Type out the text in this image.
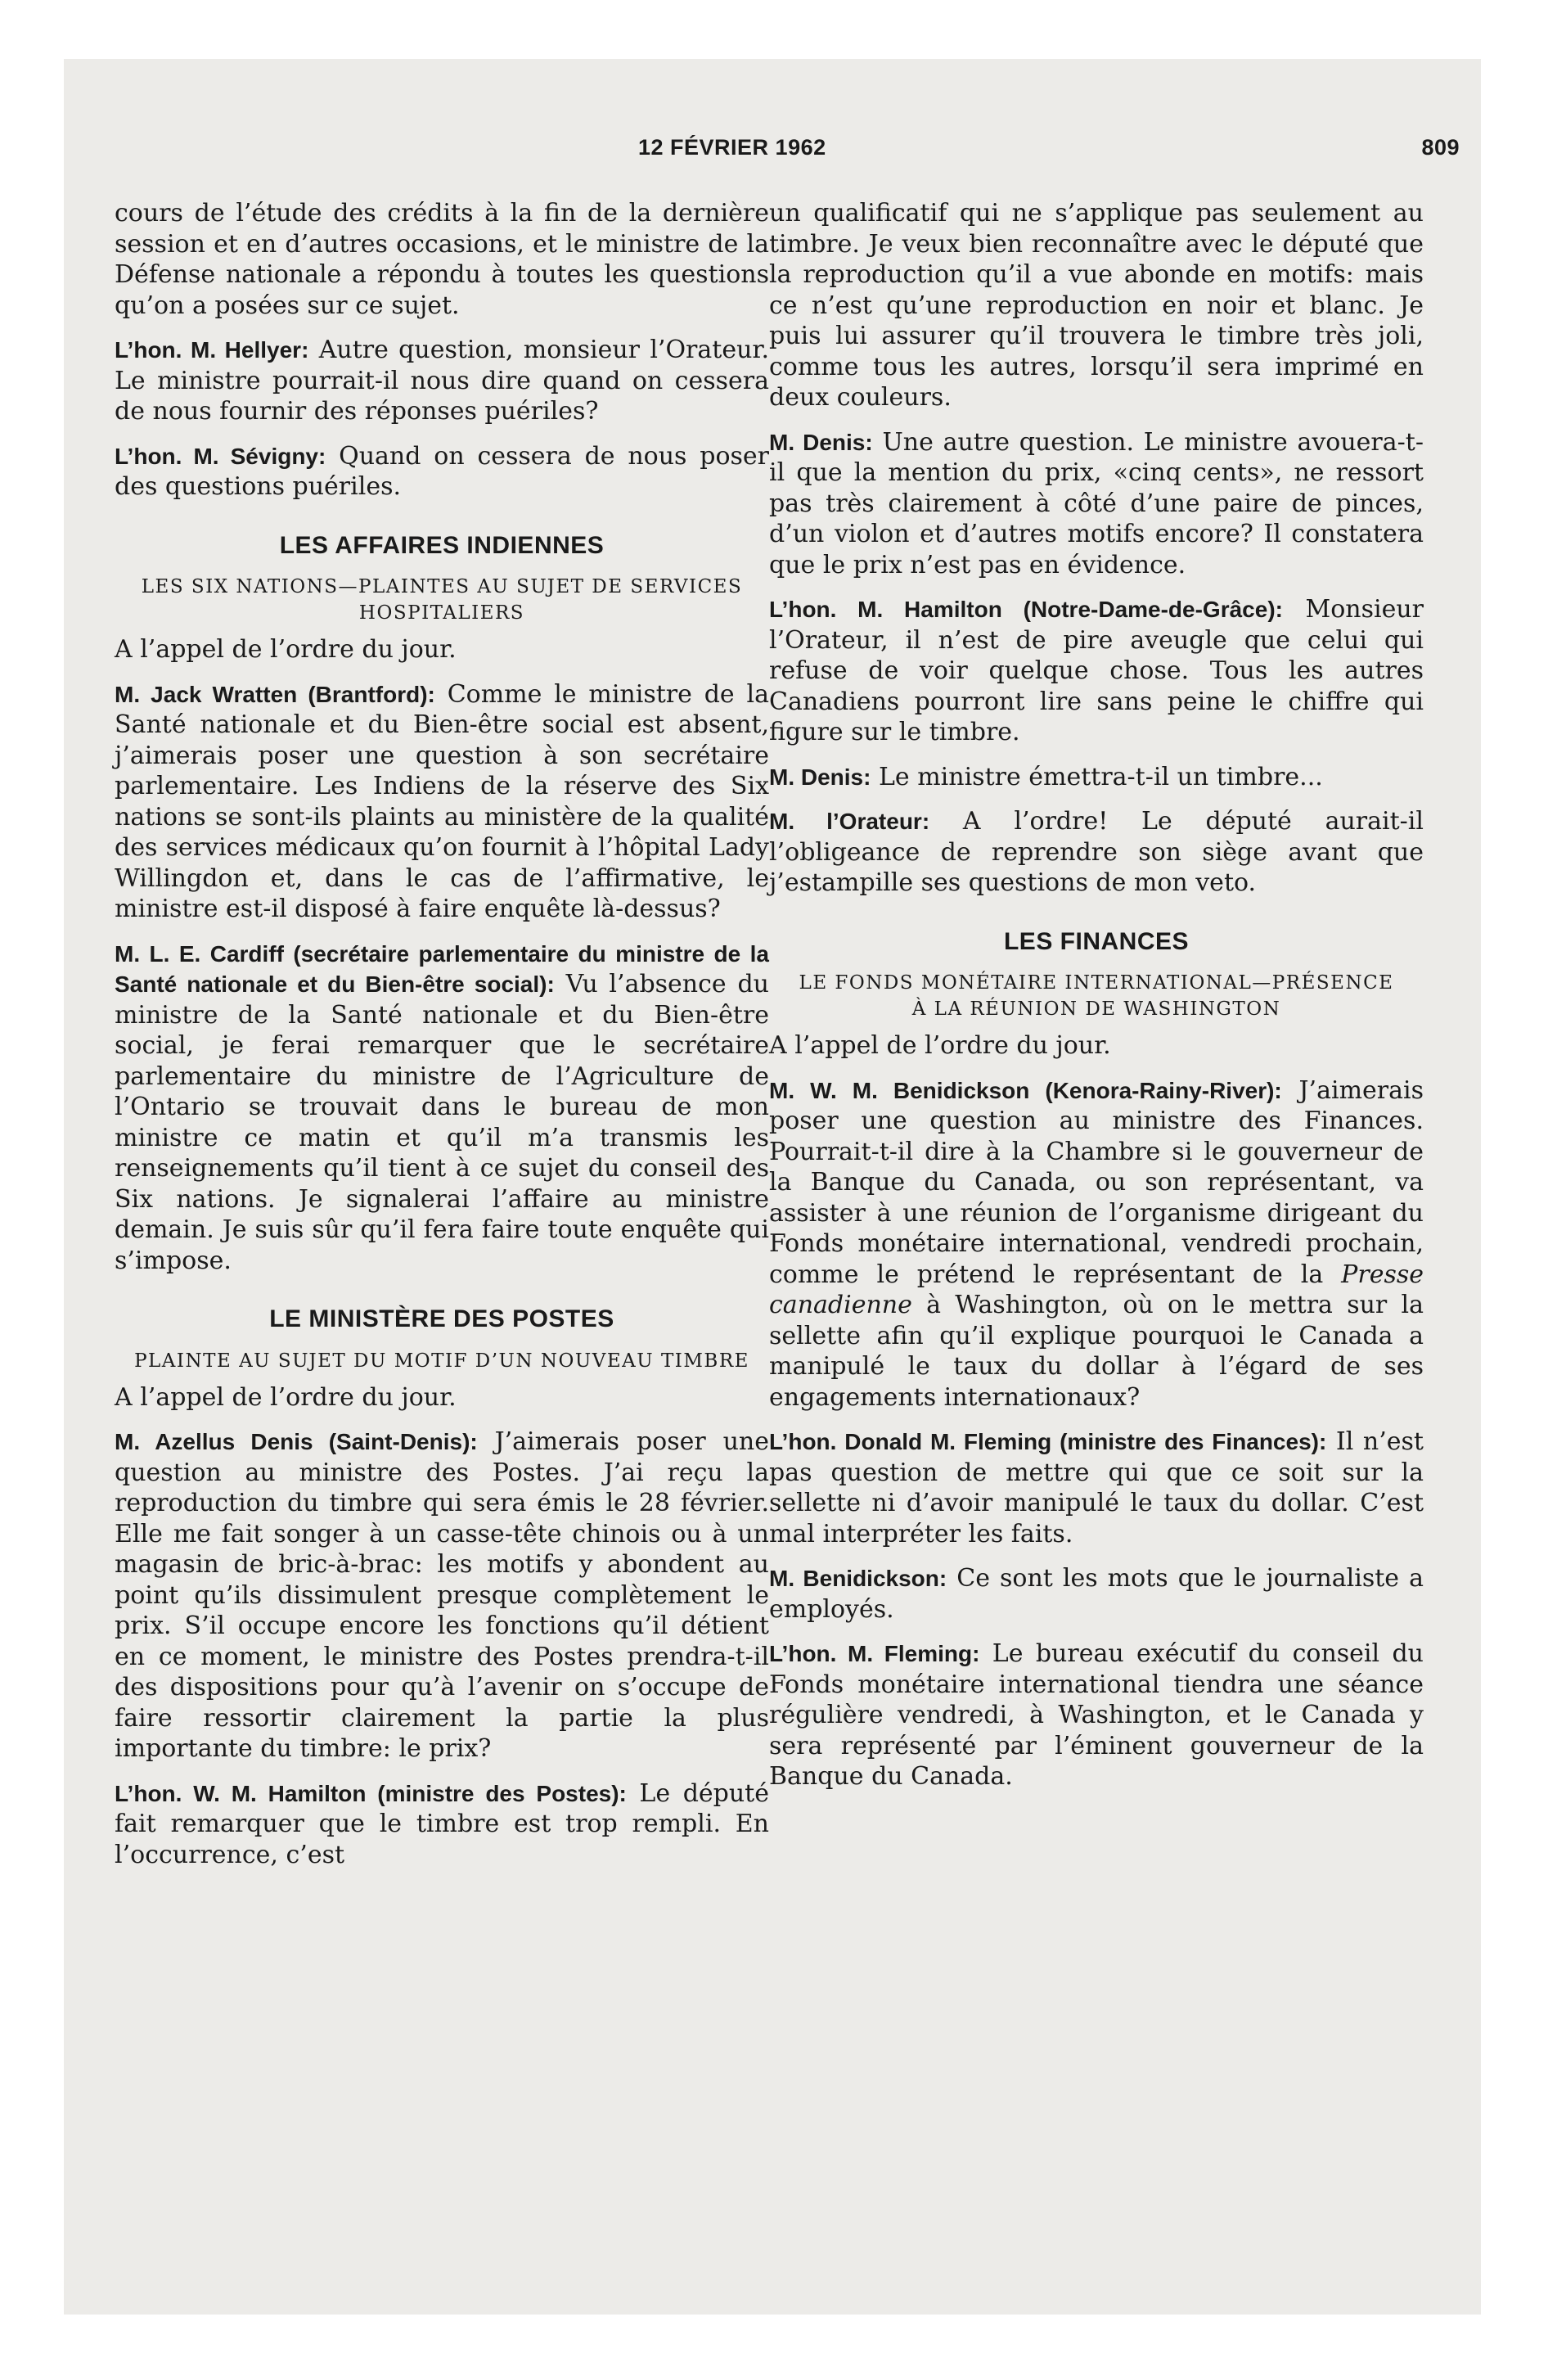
12 FÉVRIER 1962	809

cours de l’étude des crédits à la fin de la dernière session et en d’autres occasions, et le ministre de la Défense nationale a répondu à toutes les questions qu’on a posées sur ce sujet.

L’hon. M. Hellyer: Autre question, monsieur l’Orateur. Le ministre pourrait-il nous dire quand on cessera de nous fournir des réponses puériles?

L’hon. M. Sévigny: Quand on cessera de nous poser des questions puériles.

LES AFFAIRES INDIENNES
LES SIX NATIONS—PLAINTES AU SUJET DE SERVICES HOSPITALIERS

A l’appel de l’ordre du jour.

M. Jack Wratten (Brantford): Comme le ministre de la Santé nationale et du Bien-être social est absent, j’aimerais poser une question à son secrétaire parlementaire. Les Indiens de la réserve des Six nations se sont-ils plaints au ministère de la qualité des services médicaux qu’on fournit à l’hôpital Lady Willingdon et, dans le cas de l’affirmative, le ministre est-il disposé à faire enquête là-dessus?

M. L. E. Cardiff (secrétaire parlementaire du ministre de la Santé nationale et du Bien-être social): Vu l’absence du ministre de la Santé nationale et du Bien-être social, je ferai remarquer que le secrétaire parlementaire du ministre de l’Agriculture de l’Ontario se trouvait dans le bureau de mon ministre ce matin et qu’il m’a transmis les renseignements qu’il tient à ce sujet du conseil des Six nations. Je signalerai l’affaire au ministre demain. Je suis sûr qu’il fera faire toute enquête qui s’impose.

LE MINISTÈRE DES POSTES
PLAINTE AU SUJET DU MOTIF D’UN NOUVEAU TIMBRE

A l’appel de l’ordre du jour.

M. Azellus Denis (Saint-Denis): J’aimerais poser une question au ministre des Postes. J’ai reçu la reproduction du timbre qui sera émis le 28 février. Elle me fait songer à un casse-tête chinois ou à un magasin de bric-à-brac: les motifs y abondent au point qu’ils dissimulent presque complètement le prix. S’il occupe encore les fonctions qu’il détient en ce moment, le ministre des Postes prendra-t-il des dispositions pour qu’à l’avenir on s’occupe de faire ressortir clairement la partie la plus importante du timbre: le prix?

L’hon. W. M. Hamilton (ministre des Postes): Le député fait remarquer que le timbre est trop rempli. En l’occurrence, c’est

un qualificatif qui ne s’applique pas seulement au timbre. Je veux bien reconnaître avec le député que la reproduction qu’il a vue abonde en motifs: mais ce n’est qu’une reproduction en noir et blanc. Je puis lui assurer qu’il trouvera le timbre très joli, comme tous les autres, lorsqu’il sera imprimé en deux couleurs.

M. Denis: Une autre question. Le ministre avouera-t-il que la mention du prix, «cinq cents», ne ressort pas très clairement à côté d’une paire de pinces, d’un violon et d’autres motifs encore? Il constatera que le prix n’est pas en évidence.

L’hon. M. Hamilton (Notre-Dame-de-Grâce): Monsieur l’Orateur, il n’est de pire aveugle que celui qui refuse de voir quelque chose. Tous les autres Canadiens pourront lire sans peine le chiffre qui figure sur le timbre.

M. Denis: Le ministre émettra-t-il un timbre...

M. l’Orateur: A l’ordre! Le député aurait-il l’obligeance de reprendre son siège avant que j’estampille ses questions de mon veto.

LES FINANCES
LE FONDS MONÉTAIRE INTERNATIONAL—PRÉSENCE À LA RÉUNION DE WASHINGTON

A l’appel de l’ordre du jour.

M. W. M. Benidickson (Kenora-Rainy-River): J’aimerais poser une question au ministre des Finances. Pourrait-t-il dire à la Chambre si le gouverneur de la Banque du Canada, ou son représentant, va assister à une réunion de l’organisme dirigeant du Fonds monétaire international, vendredi prochain, comme le prétend le représentant de la Presse canadienne à Washington, où on le mettra sur la sellette afin qu’il explique pourquoi le Canada a manipulé le taux du dollar à l’égard de ses engagements internationaux?

L’hon. Donald M. Fleming (ministre des Finances): Il n’est pas question de mettre qui que ce soit sur la sellette ni d’avoir manipulé le taux du dollar. C’est mal interpréter les faits.

M. Benidickson: Ce sont les mots que le journaliste a employés.

L’hon. M. Fleming: Le bureau exécutif du conseil du Fonds monétaire international tiendra une séance régulière vendredi, à Washington, et le Canada y sera représenté par l’éminent gouverneur de la Banque du Canada.
